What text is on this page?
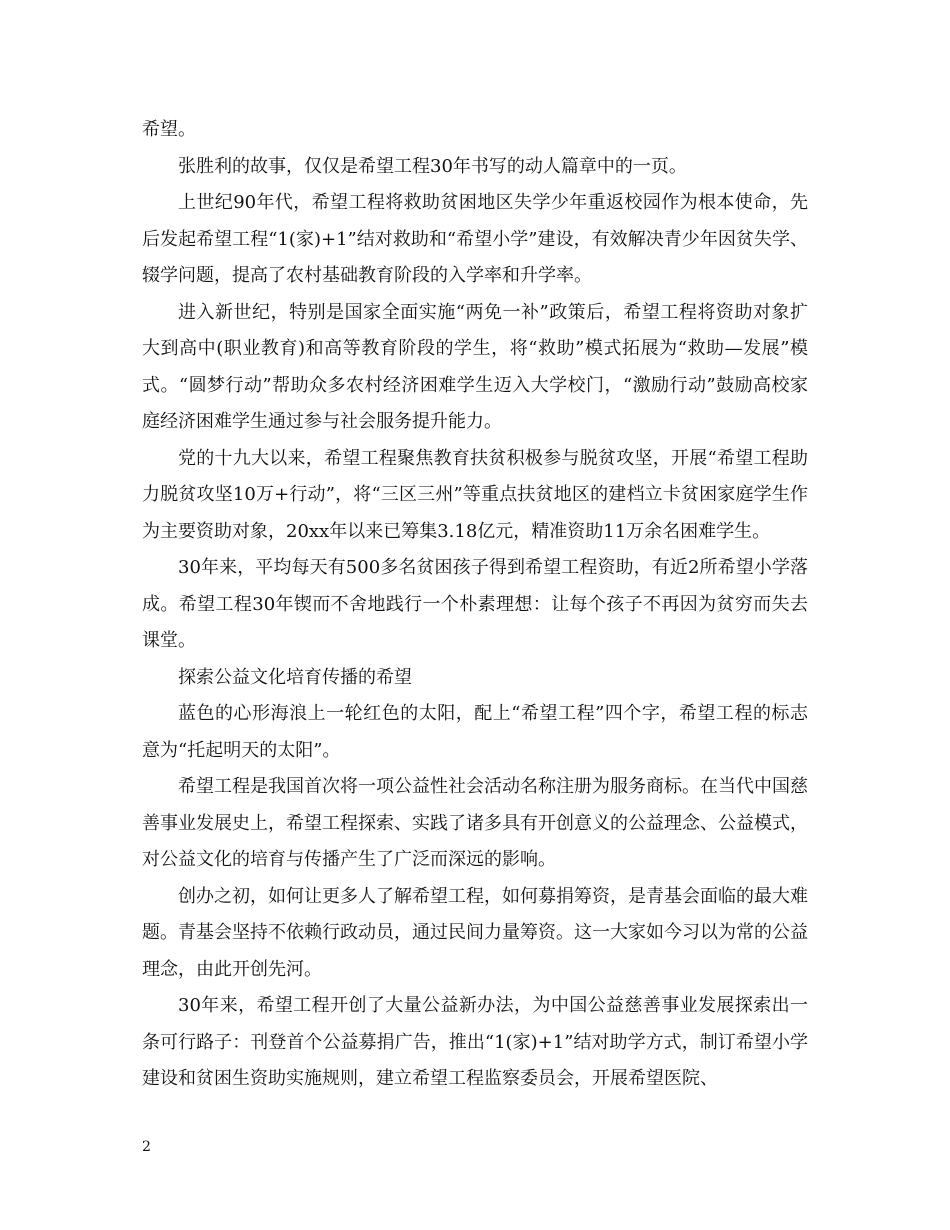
希望。

张胜利的故事，仅仅是希望工程30年书写的动人篇章中的一页。

上世纪90年代，希望工程将救助贫困地区失学少年重返校园作为根本使命，先后发起希望工程“1(家)+1”结对救助和“希望小学”建设，有效解决青少年因贫失学、辍学问题，提高了农村基础教育阶段的入学率和升学率。

进入新世纪，特别是国家全面实施“两免一补”政策后，希望工程将资助对象扩大到高中(职业教育)和高等教育阶段的学生，将“救助”模式拓展为“救助—发展”模式。“圆梦行动”帮助众多农村经济困难学生迈入大学校门，“激励行动”鼓励高校家庭经济困难学生通过参与社会服务提升能力。

党的十九大以来，希望工程聚焦教育扶贫积极参与脱贫攻坚，开展“希望工程助力脱贫攻坚10万+行动”，将“三区三州”等重点扶贫地区的建档立卡贫困家庭学生作为主要资助对象，20xx年以来已筹集3.18亿元，精准资助11万余名困难学生。

30年来，平均每天有500多名贫困孩子得到希望工程资助，有近2所希望小学落成。希望工程30年锲而不舍地践行一个朴素理想：让每个孩子不再因为贫穷而失去课堂。

探索公益文化培育传播的希望

蓝色的心形海浪上一轮红色的太阳，配上“希望工程”四个字，希望工程的标志意为“托起明天的太阳”。

希望工程是我国首次将一项公益性社会活动名称注册为服务商标。在当代中国慈善事业发展史上，希望工程探索、实践了诸多具有开创意义的公益理念、公益模式，对公益文化的培育与传播产生了广泛而深远的影响。

创办之初，如何让更多人了解希望工程，如何募捐筹资，是青基会面临的最大难题。青基会坚持不依赖行政动员，通过民间力量筹资。这一大家如今习以为常的公益理念，由此开创先河。

30年来，希望工程开创了大量公益新办法，为中国公益慈善事业发展探索出一条可行路子：刊登首个公益募捐广告，推出“1(家)+1”结对助学方式，制订希望小学建设和贫困生资助实施规则，建立希望工程监察委员会，开展希望医院、

2
